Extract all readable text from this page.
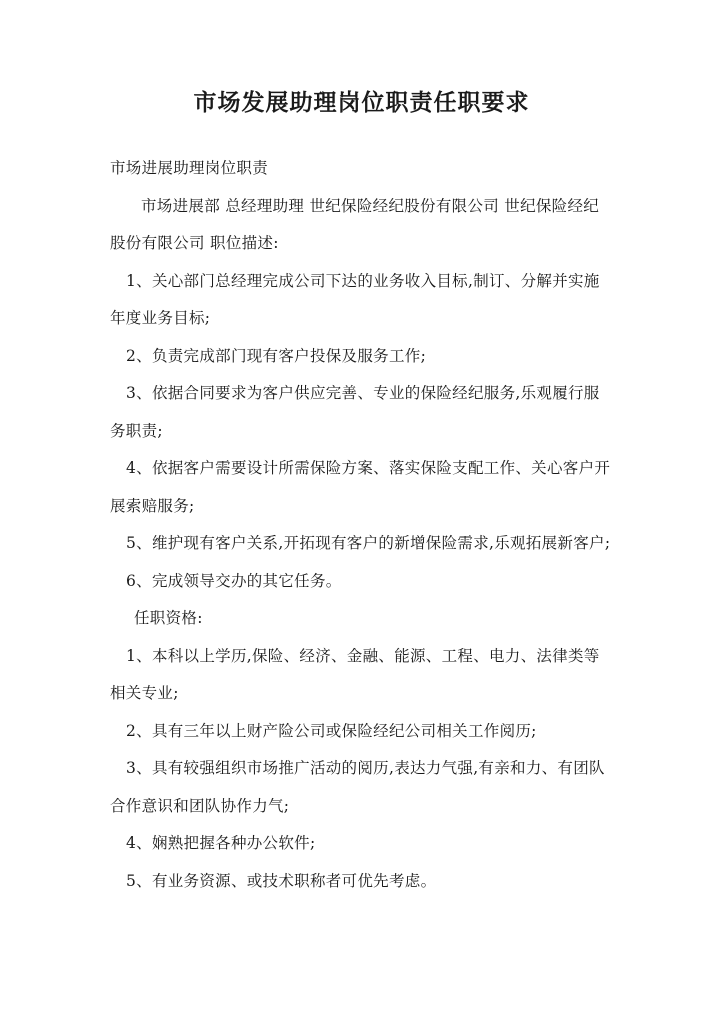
市场发展助理岗位职责任职要求

市场进展助理岗位职责

市场进展部 总经理助理 世纪保险经纪股份有限公司 世纪保险经纪股份有限公司 职位描述:

1、关心部门总经理完成公司下达的业务收入目标,制订、分解并实施年度业务目标;

2、负责完成部门现有客户投保及服务工作;

3、依据合同要求为客户供应完善、专业的保险经纪服务,乐观履行服务职责;

4、依据客户需要设计所需保险方案、落实保险支配工作、关心客户开展索赔服务;

5、维护现有客户关系,开拓现有客户的新增保险需求,乐观拓展新客户;

6、完成领导交办的其它任务。

任职资格:

1、本科以上学历,保险、经济、金融、能源、工程、电力、法律类等相关专业;

2、具有三年以上财产险公司或保险经纪公司相关工作阅历;

3、具有较强组织市场推广活动的阅历,表达力气强,有亲和力、有团队合作意识和团队协作力气;

4、娴熟把握各种办公软件;

5、有业务资源、或技术职称者可优先考虑。
